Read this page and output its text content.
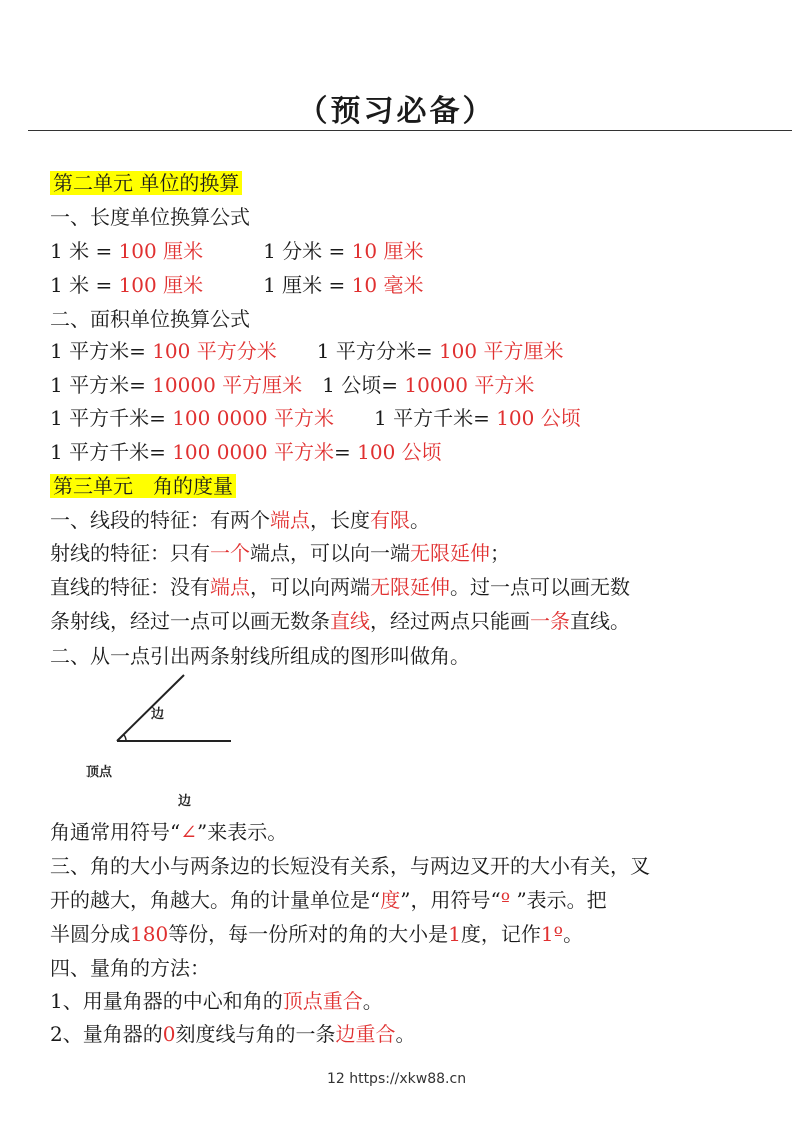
（预习必备）
第二单元 单位的换算
一、长度单位换算公式
1 米 = 100 厘米　　　1 分米 = 10 厘米
1 米 = 100 厘米　　　1 厘米 = 10 毫米
二、面积单位换算公式
1 平方米= 100 平方分米　　1 平方分米= 100 平方厘米
1 平方米= 10000 平方厘米　1 公顷= 10000 平方米
1 平方千米= 100 0000 平方米　　1 平方千米= 100 公顷
1 平方千米= 100 0000 平方米= 100 公顷
第三单元　角的度量
一、线段的特征：有两个端点，长度有限。
射线的特征：只有一个端点，可以向一端无限延伸；
直线的特征：没有端点，可以向两端无限延伸。过一点可以画无数
条射线，经过一点可以画无数条直线，经过两点只能画一条直线。
二、从一点引出两条射线所组成的图形叫做角。
角通常用符号“∠”来表示。
三、角的大小与两条边的长短没有关系，与两边叉开的大小有关，叉
开的越大，角越大。角的计量单位是“度”，用符号“º ”表示。把
半圆分成180等份，每一份所对的角的大小是1度，记作1º。
四、量角的方法：
1、用量角器的中心和角的顶点重合。
2、量角器的0刻度线与角的一条边重合。
边
顶点
边
12 https://xkw88.cn
